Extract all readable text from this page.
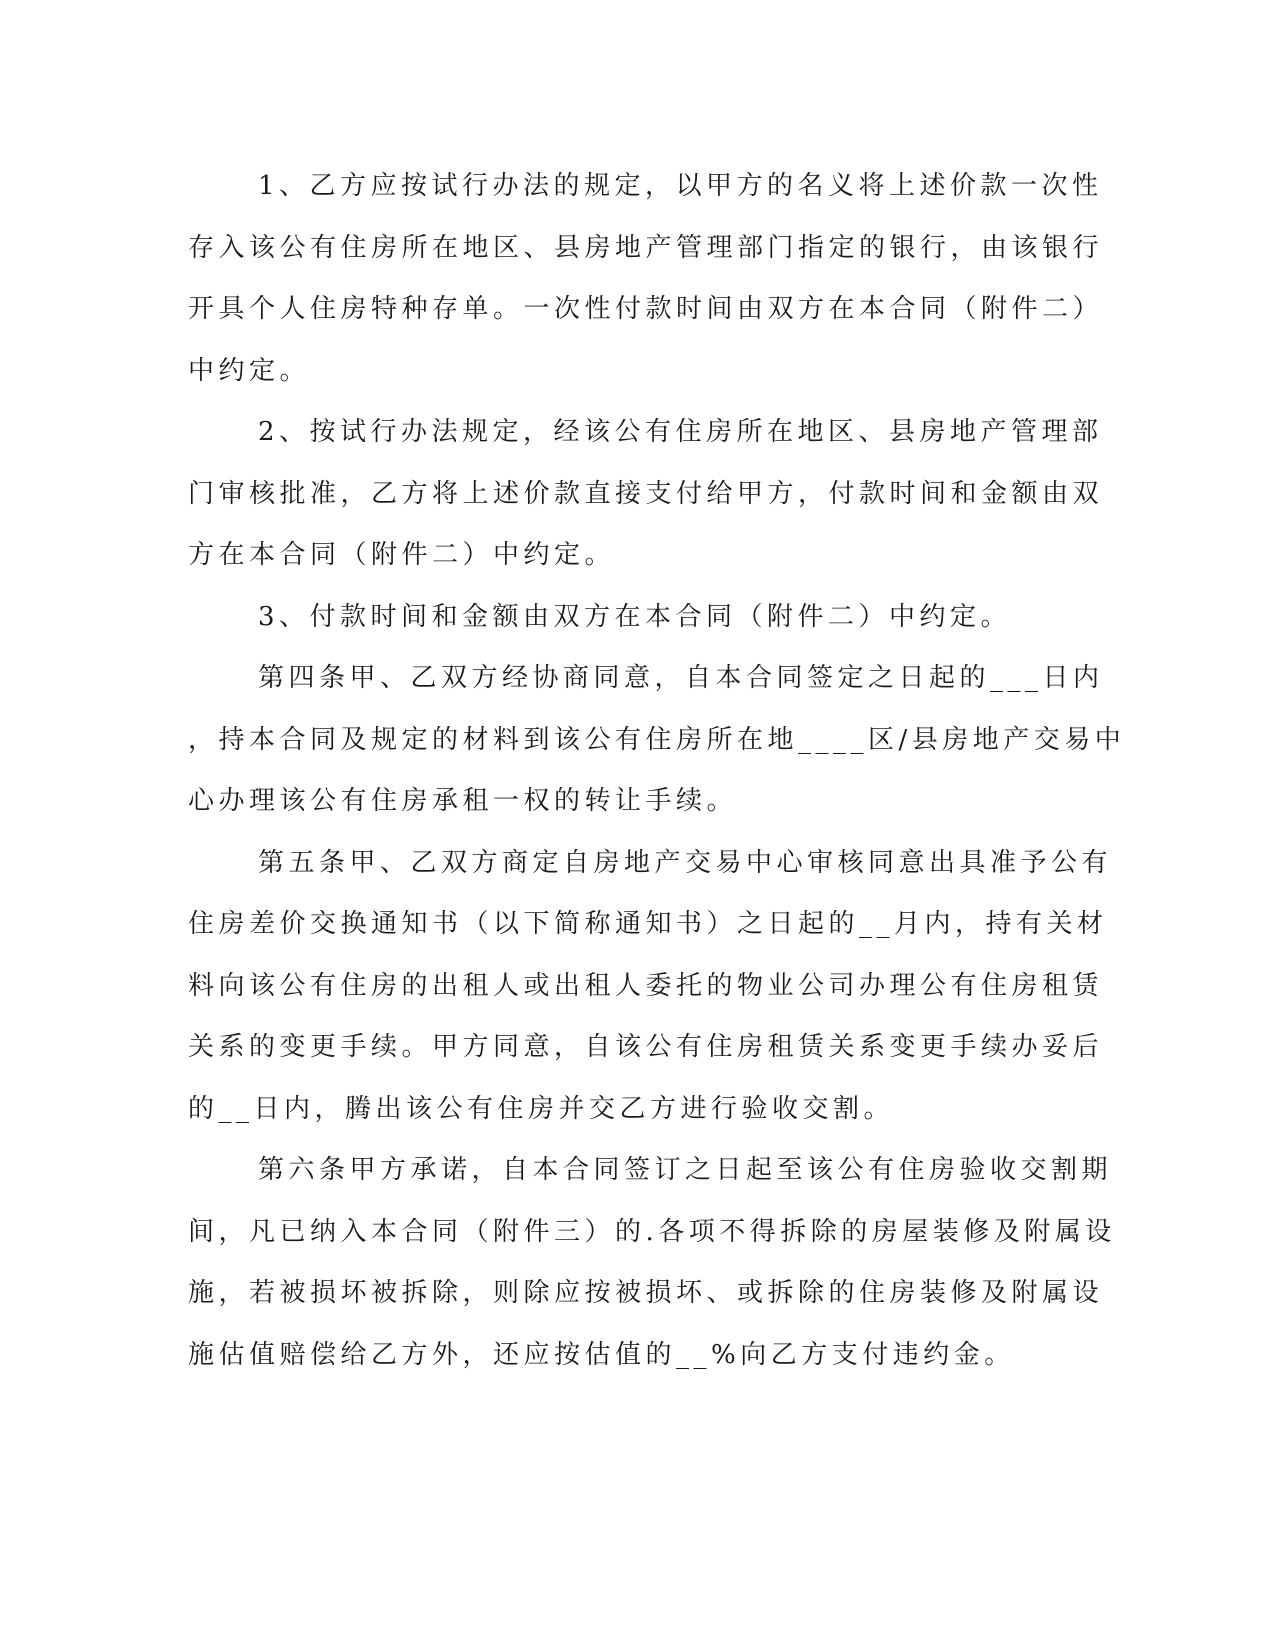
1、乙方应按试行办法的规定，以甲方的名义将上述价款一次性
存入该公有住房所在地区、县房地产管理部门指定的银行，由该银行
开具个人住房特种存单。一次性付款时间由双方在本合同（附件二）
中约定。

2、按试行办法规定，经该公有住房所在地区、县房地产管理部
门审核批准，乙方将上述价款直接支付给甲方，付款时间和金额由双
方在本合同（附件二）中约定。

3、付款时间和金额由双方在本合同（附件二）中约定。

第四条甲、乙双方经协商同意，自本合同签定之日起的___日内
，持本合同及规定的材料到该公有住房所在地____区/县房地产交易中
心办理该公有住房承租一权的转让手续。

第五条甲、乙双方商定自房地产交易中心审核同意出具准予公有
住房差价交换通知书（以下简称通知书）之日起的__月内，持有关材
料向该公有住房的出租人或出租人委托的物业公司办理公有住房租赁
关系的变更手续。甲方同意，自该公有住房租赁关系变更手续办妥后
的__日内，腾出该公有住房并交乙方进行验收交割。

第六条甲方承诺，自本合同签订之日起至该公有住房验收交割期
间，凡已纳入本合同（附件三）的.各项不得拆除的房屋装修及附属设
施，若被损坏被拆除，则除应按被损坏、或拆除的住房装修及附属设
施估值赔偿给乙方外，还应按估值的__%向乙方支付违约金。
